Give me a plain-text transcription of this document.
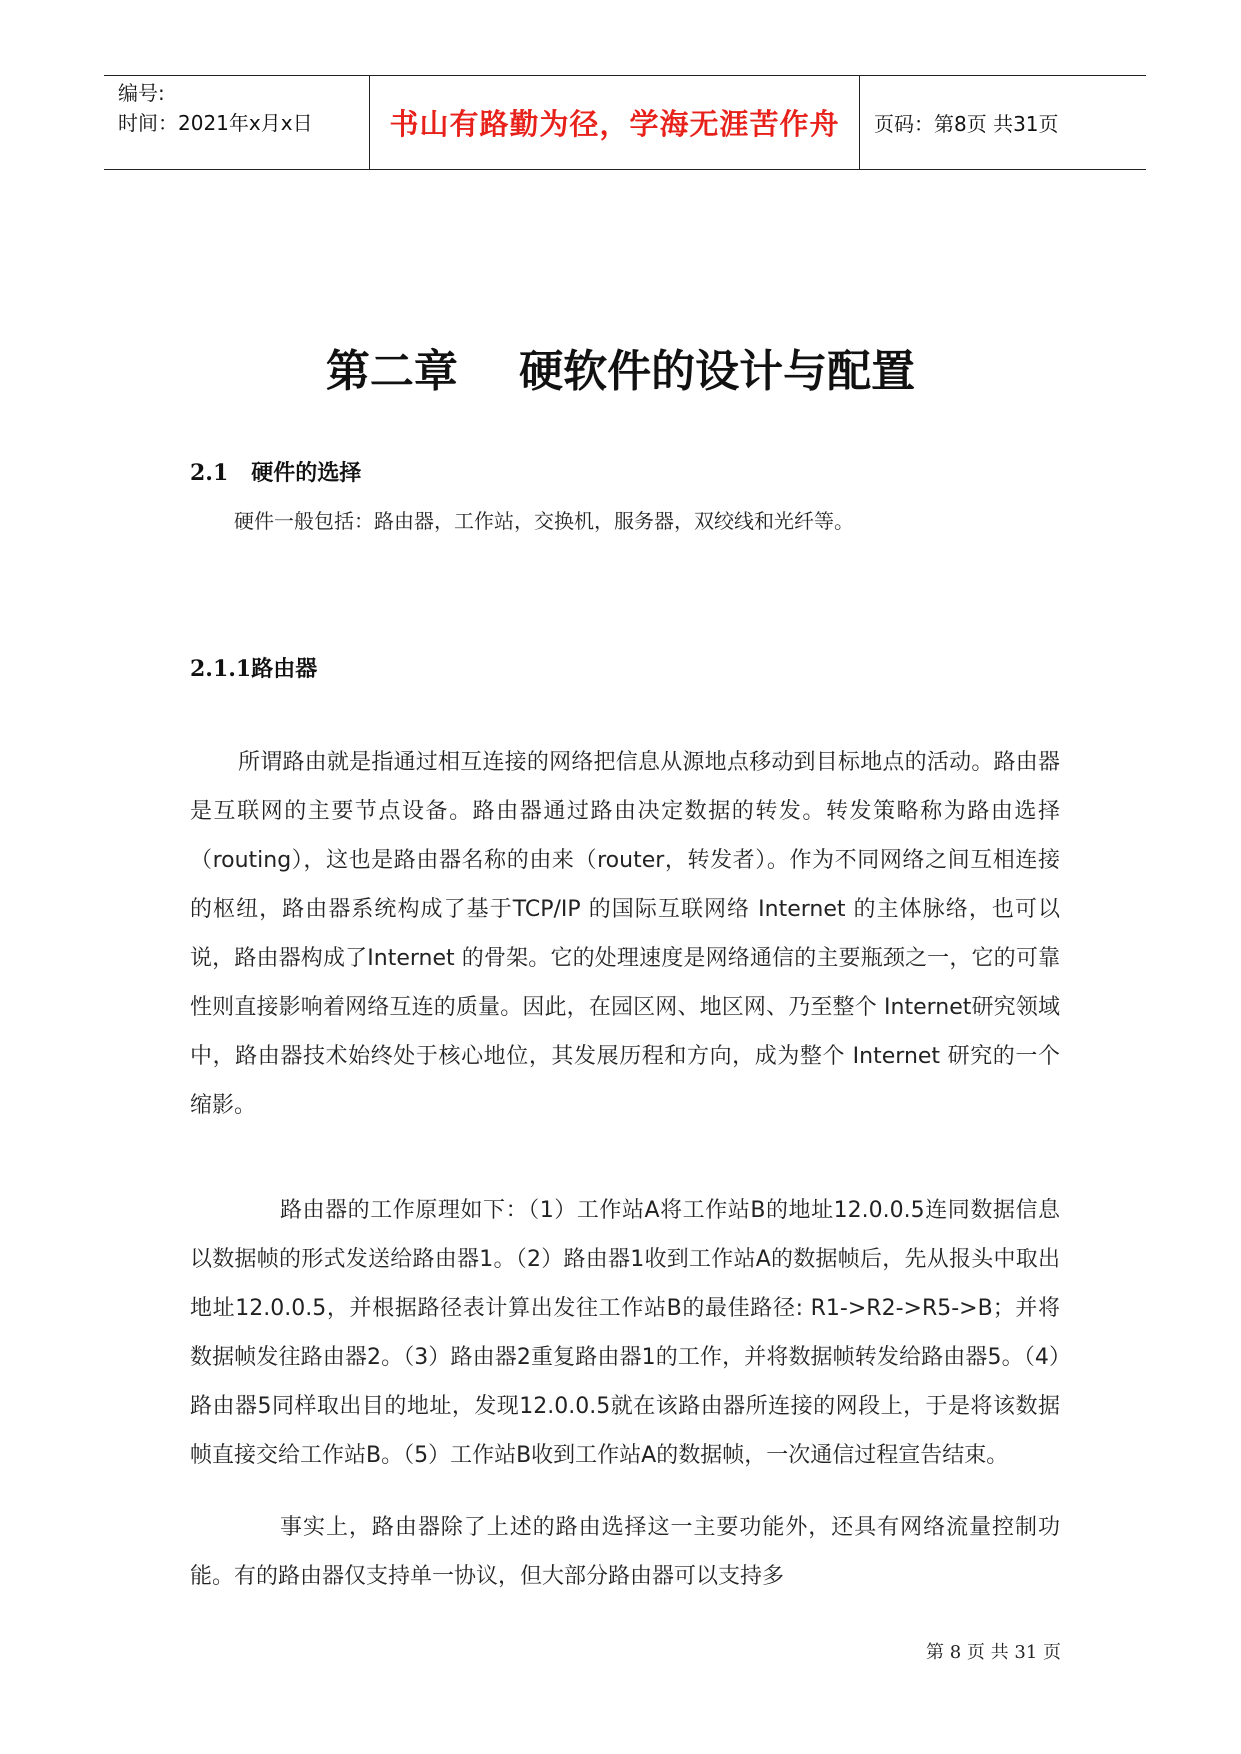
编号:
时间：2021年x月x日	书山有路勤为径，学海无涯苦作舟 页码：第8页 共31页
第二章    硬软件的设计与配置
2.1   硬件的选择
硬件一般包括：路由器，工作站，交换机，服务器，双绞线和光纤等。
2.1.1路由器

所谓路由就是指通过相互连接的网络把信息从源地点移动到目标地点的活动。路由器是互联网的主要节点设备。路由器通过路由决定数据的转发。转发策略称为路由选择（routing），这也是路由器名称的由来（router，转发者）。作为不同网络之间互相连接的枢纽，路由器系统构成了基于TCP/IP 的国际互联网络 Internet 的主体脉络，也可以说，路由器构成了Internet 的骨架。它的处理速度是网络通信的主要瓶颈之一，它的可靠性则直接影响着网络互连的质量。因此，在园区网、地区网、乃至整个 Internet研究领域中，路由器技术始终处于核心地位，其发展历程和方向，成为整个 Internet 研究的一个缩影。

路由器的工作原理如下：（1）工作站A将工作站B的地址12.0.0.5连同数据信息以数据帧的形式发送给路由器1。（2）路由器1收到工作站A的数据帧后，先从报头中取出地址12.0.0.5，并根据路径表计算出发往工作站B的最佳路径: R1->R2->R5->B；并将数据帧发往路由器2。（3）路由器2重复路由器1的工作，并将数据帧转发给路由器5。（4）路由器5同样取出目的地址，发现12.0.0.5就在该路由器所连接的网段上，于是将该数据帧直接交给工作站B。（5）工作站B收到工作站A的数据帧，一次通信过程宣告结束。

事实上，路由器除了上述的路由选择这一主要功能外，还具有网络流量控制功能。有的路由器仅支持单一协议，但大部分路由器可以支持多

第 8 页 共 31 页
